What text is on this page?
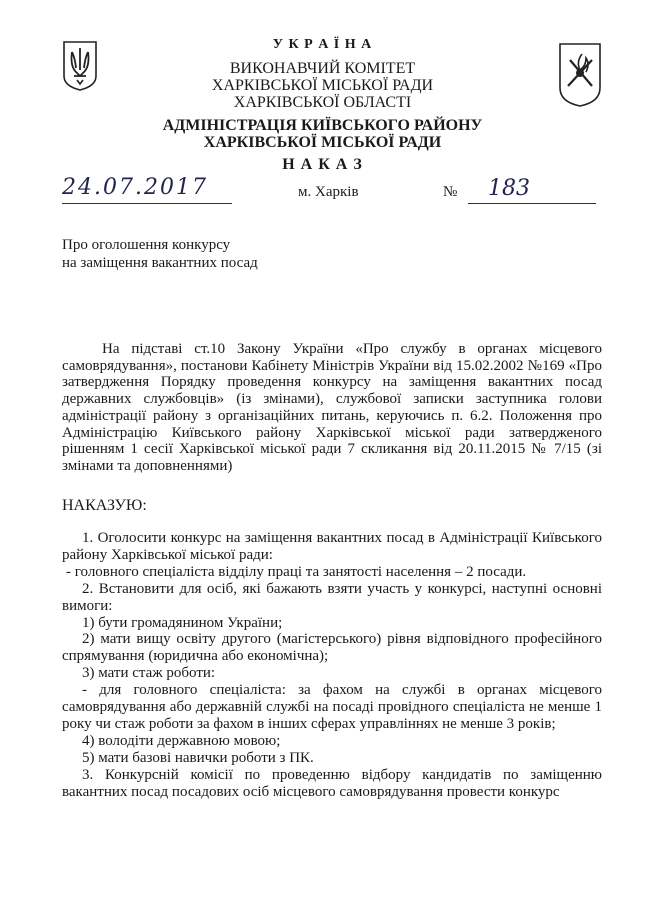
У К Р А Ї Н А
ВИКОНАВЧИЙ КОМІТЕТ
ХАРКІВСЬКОЇ МІСЬКОЇ РАДИ
ХАРКІВСЬКОЇ ОБЛАСТІ
АДМІНІСТРАЦІЯ КИЇВСЬКОГО РАЙОНУ
ХАРКІВСЬКОЇ МІСЬКОЇ РАДИ
Н А К А З
24.07.2017	м. Харків	№ 183
Про оголошення конкурсу
на заміщення вакантних посад

На підставі ст.10 Закону України «Про службу в органах місцевого самоврядування», постанови Кабінету Міністрів України від 15.02.2002 №169 «Про затвердження Порядку проведення конкурсу на заміщення вакантних посад державних службовців» (із змінами), службової записки заступника голови адміністрації району з організаційних питань, керуючись п. 6.2. Положення про Адміністрацію Київського району Харківської міської ради затвердженого рішенням 1 сесії Харківської міської ради 7 скликання від 20.11.2015 № 7/15 (зі змінами та доповненнями)

НАКАЗУЮ:

1. Оголосити конкурс на заміщення вакантних посад в Адміністрації Київського району Харківської міської ради:

- головного спеціаліста відділу праці та занятості населення – 2 посади.

2. Встановити для осіб, які бажають взяти участь у конкурсі, наступні основні вимоги:

1) бути громадянином України;

2) мати вищу освіту другого (магістерського) рівня відповідного професійного спрямування (юридична або економічна);

3) мати стаж роботи:

- для головного спеціаліста: за фахом на службі в органах місцевого самоврядування або державній службі на посаді провідного спеціаліста не менше 1 року чи стаж роботи за фахом в інших сферах управліннях не менше 3 років;

4) володіти державною мовою;

5) мати базові навички роботи з ПК.

3. Конкурсній комісії по проведенню відбору кандидатів по заміщенню вакантних посад посадових осіб місцевого самоврядування провести конкурс
